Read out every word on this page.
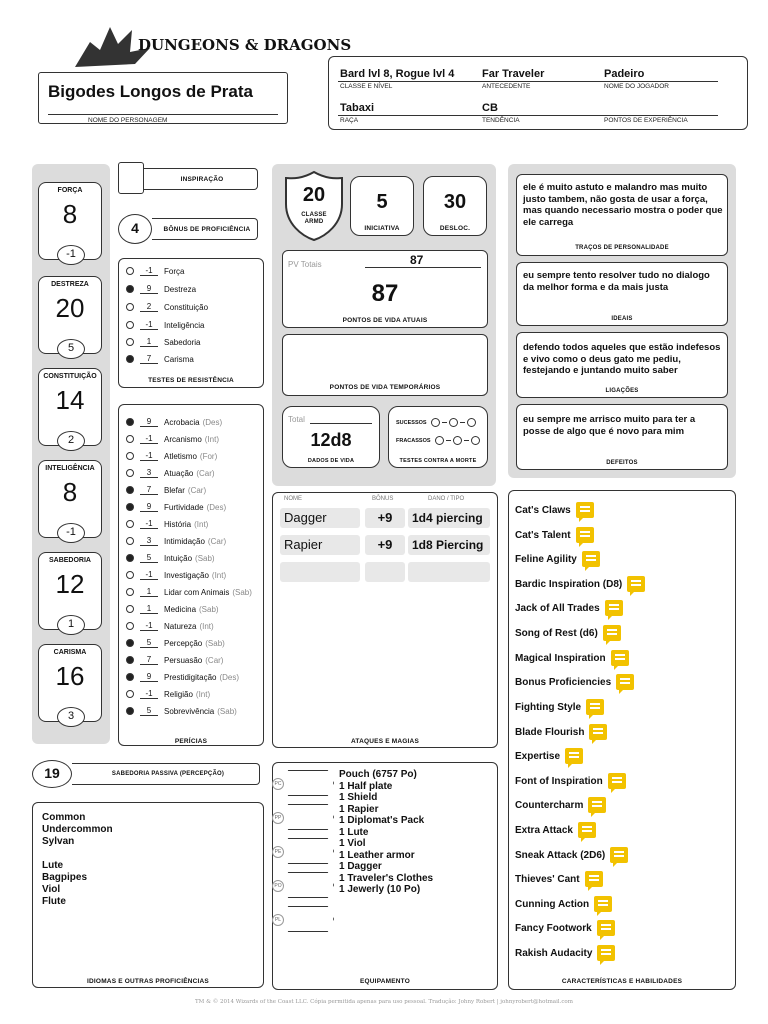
DUNGEONS & DRAGONS
Bigodes Longos de Prata
NOME DO PERSONAGEM
Bard lvl 8, Rogue lvl 4
CLASSE E NÍVEL
Far Traveler
ANTECEDENTE
Padeiro
NOME DO JOGADOR
Tabaxi
RAÇA
CB
TENDÊNCIA	PONTOS DE EXPERIÊNCIA
FORÇA
8
-1
DESTREZA
20
5
CONSTITUIÇÃO
14
2
INTELIGÊNCIA
8
-1
SABEDORIA
12
1
CARISMA
16
3
INSPIRAÇÃO
4	BÔNUS DE PROFICIÊNCIA
-1	Força
9	Destreza
2	Constituição
-1	Inteligência
1	Sabedoria
7	Carisma
TESTES DE RESISTÊNCIA
9	Acrobacia (Des)
-1	Arcanismo (Int)
-1	Atletismo (For)
3	Atuação (Car)
7	Blefar (Car)
9	Furtividade (Des)
-1	História (Int)
3	Intimidação (Car)
5	Intuição (Sab)
-1	Investigação (Int)
1	Lidar com Animais (Sab)
1	Medicina (Sab)
-1	Natureza (Int)
5	Percepção (Sab)
7	Persuasão (Car)
9	Prestidigitação (Des)
-1	Religião (Int)
5	Sobrevivência (Sab)
PERÍCIAS
19	SABEDORIA PASSIVA (PERCEPÇÃO)
Common
Undercommon
Sylvan
Lute
Bagpipes
Viol
Flute
IDIOMAS E OUTRAS PROFICIÊNCIAS
20
CLASSE ARMD
5
INICIATIVA
30
DESLOC.
PV Totais	87
87
PONTOS DE VIDA ATUAIS
PONTOS DE VIDA TEMPORÁRIOS
Total
12d8
DADOS DE VIDA
SUCESSOS
FRACASSOS
TESTES CONTRA A MORTE
NOME	BÔNUS	DANO / TIPO
Dagger	+9	1d4 piercing
Rapier	+9	1d8 Piercing
ATAQUES E MAGIAS
PC
PP
PE
PO
PL
Pouch (6757 Po)
1 Half plate
1 Shield
1 Rapier
1 Diplomat's Pack
1 Lute
1 Viol
1 Leather armor
1 Dagger
1 Traveler's Clothes
1 Jewerly (10 Po)
EQUIPAMENTO
ele é muito astuto e malandro mas muito justo tambem, não gosta de usar a força, mas quando necessario mostra o poder que ele carrega
TRAÇOS DE PERSONALIDADE
eu sempre tento resolver tudo no dialogo da melhor forma e da mais justa
IDEAIS
defendo todos aqueles que estão indefesos e vivo como o deus gato me pediu, festejando e juntando muito saber
LIGAÇÕES
eu sempre me arrisco muito para ter a posse de algo que é novo para mim
DEFEITOS
Cat's Claws
Cat's Talent
Feline Agility
Bardic Inspiration (D8)
Jack of All Trades
Song of Rest (d6)
Magical Inspiration
Bonus Proficiencies
Fighting Style
Blade Flourish
Expertise
Font of Inspiration
Countercharm
Extra Attack
Sneak Attack (2D6)
Thieves' Cant
Cunning Action
Fancy Footwork
Rakish Audacity
CARACTERÍSTICAS E HABILIDADES
TM & © 2014 Wizards of the Coast LLC. Cópia permitida apenas para uso pessoal. Tradução: Johny Robert | johnyrobert@hotmail.com
